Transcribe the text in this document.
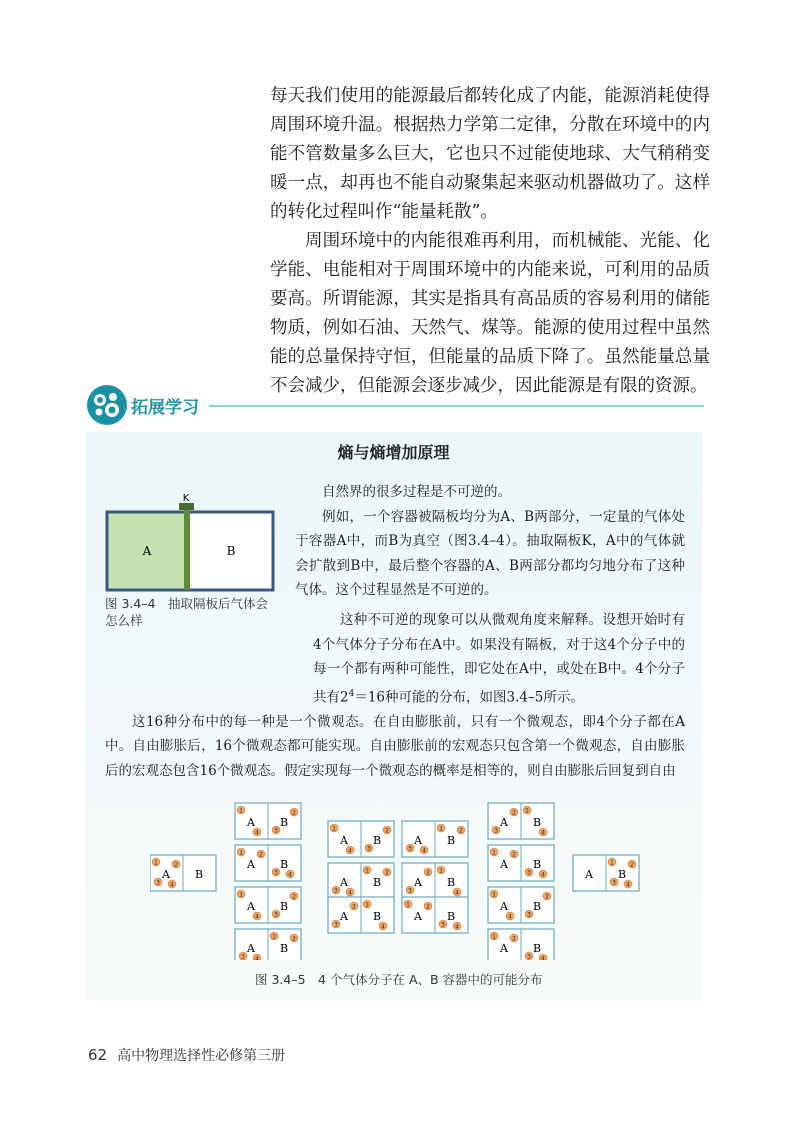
每天我们使用的能源最后都转化成了内能，能源消耗使得周围环境升温。根据热力学第二定律，分散在环境中的内能不管数量多么巨大，它也只不过能使地球、大气稍稍变暖一点，却再也不能自动聚集起来驱动机器做功了。这样的转化过程叫作“能量耗散”。

周围环境中的内能很难再利用，而机械能、光能、化学能、电能相对于周围环境中的内能来说，可利用的品质要高。所谓能源，其实是指具有高品质的容易利用的储能物质，例如石油、天然气、煤等。能源的使用过程中虽然能的总量保持守恒，但能量的品质下降了。虽然能量总量不会减少，但能源会逐步减少，因此能源是有限的资源。

拓展学习
熵与熵增加原理

自然界的很多过程是不可逆的。

例如，一个容器被隔板均分为A、B两部分，一定量的气体处于容器A中，而B为真空（图3.4–4）。抽取隔板K，A中的气体就会扩散到B中，最后整个容器的A、B两部分都均匀地分布了这种气体。这个过程显然是不可逆的。

K
A	B
图 3.4–4　抽取隔板后气体会怎么样	这种不可逆的现象可以从微观角度来解释。设想开始时有4个气体分子分布在A中。如果没有隔板，对于这4个分子中的每一个都有两种可能性，即它处在A中，或处在B中。4个分子共有$2^4=16$种可能的分布，如图3.4–5所示。

这16种分布中的每一种是一个微观态。在自由膨胀前，只有一个微观态，即4个分子都在A中。自由膨胀后，16个微观态都可能实现。自由膨胀前的宏观态只包含第一个微观态，自由膨胀后的宏观态包含16个微观态。假定实现每一个微观态的概率是相等的，则自由膨胀后回复到自由

A B
1	2
3 4
A B
1	2
3
4
A B
1	2
3 4
A B
1	2
3
4
A B
1	2
3 4
A B
1	2
3
4
A B
1	2
3 4
A B
1
2
3	4
A B
1	2
3 4
A B
1
2
3	4
A B
1	2
3 4
A B
1
2
3	4
A B
1	2
3 4
A B
1	2
3
4
A B
1	2
3 4
A B
1	2
3 4
图 3.4–5　4 个气体分子在 A、B 容器中的可能分布
62 高中物理选择性必修第三册
